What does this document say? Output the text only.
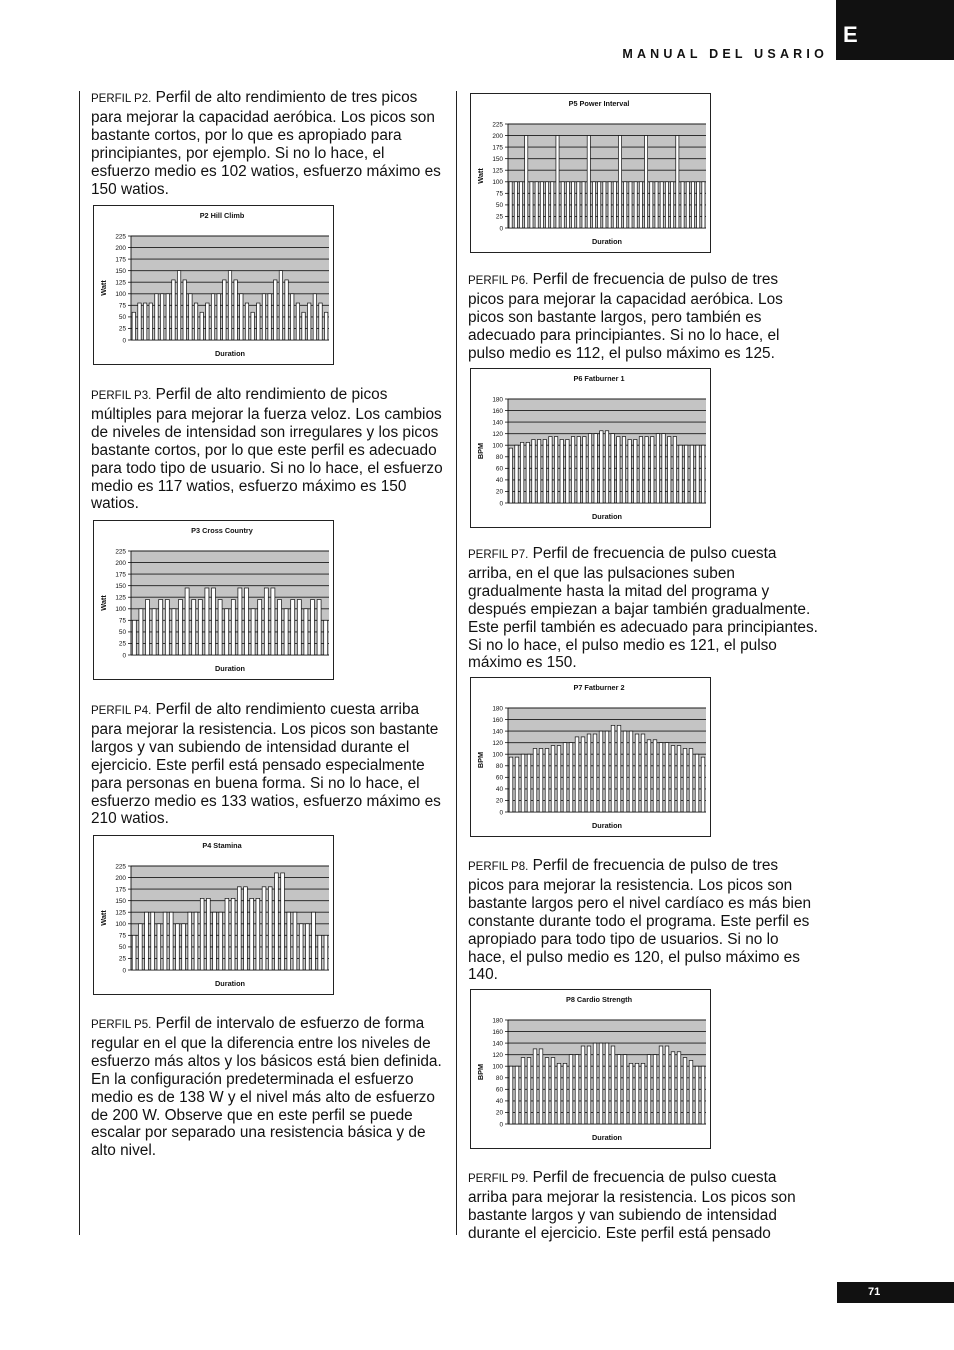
E
MANUAL DEL USARIO

PERFIL P2. Perfil de alto rendimiento de tres picos para mejorar la capacidad aeróbica. Los picos son bastante cortos, por lo que es apropiado para principiantes, por ejemplo. Si no lo hace, el esfuerzo medio es 102 watios, esfuerzo máximo es 150 watios.

0
25
50
75
100
125
150
175
200
225
P2 Hill Climb
Duration
Watt

PERFIL P3. Perfil de alto rendimiento de picos múltiples para mejorar la fuerza veloz. Los cambios de niveles de intensidad son irregulares y los picos bastante cortos, por lo que este perfil es adecuado para todo tipo de usuario. Si no lo hace, el esfuerzo medio es 117 watios, esfuerzo máximo es 150 watios.

0
25
50
75
100
125
150
175
200
225
P3 Cross Country
Duration
Watt

PERFIL P4. Perfil de alto rendimiento cuesta arriba para mejorar la resistencia. Los picos son bastante largos y van subiendo de intensidad durante el ejercicio. Este perfil está pensado especialmente para personas en buena forma. Si no lo hace, el esfuerzo medio es 133 watios, esfuerzo máximo es 210 watios.

0
25
50
75
100
125
150
175
200
225
P4 Stamina
Duration
Watt

PERFIL P5. Perfil de intervalo de esfuerzo de forma regular en el que la diferencia entre los niveles de esfuerzo más altos y los básicos está bien definida. En la configuración predeterminada el esfuerzo medio es de 138 W y el nivel más alto de esfuerzo de 200 W. Observe que en este perfil se puede escalar por separado una resistencia básica y de alto nivel.

0
25
50
75
100
125
150
175
200
225
P5 Power Interval
Duration
Watt

PERFIL P6. Perfil de frecuencia de pulso de tres picos para mejorar la capacidad aeróbica. Los picos son bastante largos, pero también es adecuado para principiantes. Si no lo hace, el pulso medio es 112, el pulso máximo es 125.

0
20
40
60
80
100
120
140
160
180
P6 Fatburner 1
Duration
BPM

PERFIL P7. Perfil de frecuencia de pulso cuesta arriba, en el que las pulsaciones suben gradualmente hasta la mitad del programa y después empiezan a bajar también gradualmente. Este perfil también es adecuado para principiantes. Si no lo hace, el pulso medio es 121, el pulso máximo es 150.

0
20
40
60
80
100
120
140
160
180
P7 Fatburner 2
Duration
BPM

PERFIL P8. Perfil de frecuencia de pulso de tres picos para mejorar la resistencia. Los picos son bastante largos pero el nivel cardíaco es más bien constante durante todo el programa. Este perfil es apropiado para todo tipo de usuarios. Si no lo hace, el pulso medio es 120, el pulso máximo es 140.

0
20
40
60
80
100
120
140
160
180
P8 Cardio Strength
Duration
BPM

PERFIL P9. Perfil de frecuencia de pulso cuesta arriba para mejorar la resistencia. Los picos son bastante largos y van subiendo de intensidad durante el ejercicio. Este perfil está pensado

71
